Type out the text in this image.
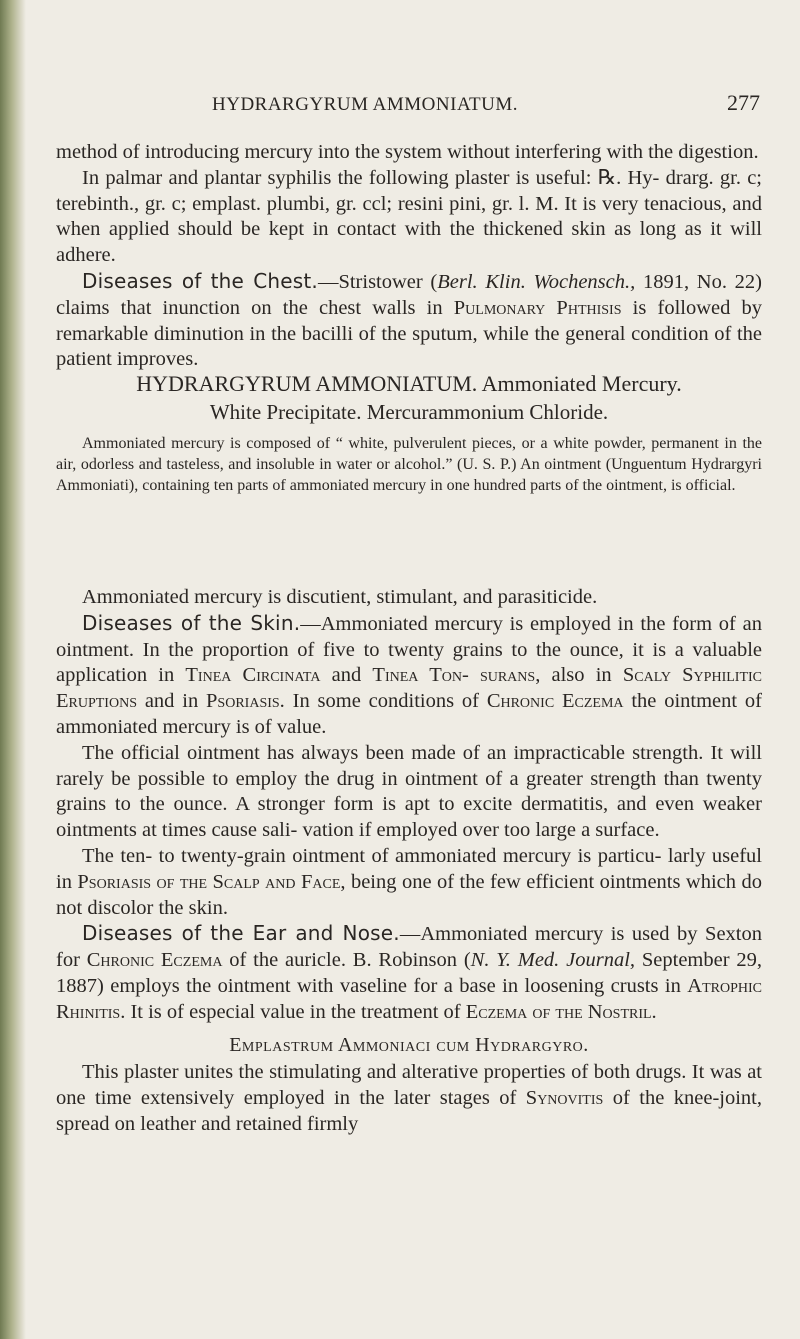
HYDRARGYRUM AMMONIATUM.	277

method of introducing mercury into the system without interfering with the digestion.

In palmar and plantar syphilis the following plaster is useful: ℞. Hy- drarg. gr. c; terebinth., gr. c; emplast. plumbi, gr. ccl; resini pini, gr. l. M. It is very tenacious, and when applied should be kept in contact with the thickened skin as long as it will adhere.

Diseases of the Chest.—Stristower (Berl. Klin. Wochensch., 1891, No. 22) claims that inunction on the chest walls in Pulmonary Phthisis is followed by remarkable diminution in the bacilli of the sputum, while the general condition of the patient improves.

HYDRARGYRUM AMMONIATUM. Ammoniated Mercury.
White Precipitate. Mercurammonium Chloride.

Ammoniated mercury is composed of “ white, pulverulent pieces, or a white powder, permanent in the air, odorless and tasteless, and insoluble in water or alcohol.” (U. S. P.) An ointment (Unguentum Hydrargyri Ammoniati), containing ten parts of ammoniated mercury in one hundred parts of the ointment, is official.

Ammoniated mercury is discutient, stimulant, and parasiticide.

Diseases of the Skin.—Ammoniated mercury is employed in the form of an ointment. In the proportion of five to twenty grains to the ounce, it is a valuable application in Tinea Circinata and Tinea Ton- surans, also in Scaly Syphilitic Eruptions and in Psoriasis. In some conditions of Chronic Eczema the ointment of ammoniated mercury is of value.

The official ointment has always been made of an impracticable strength. It will rarely be possible to employ the drug in ointment of a greater strength than twenty grains to the ounce. A stronger form is apt to excite dermatitis, and even weaker ointments at times cause sali- vation if employed over too large a surface.

The ten- to twenty-grain ointment of ammoniated mercury is particu- larly useful in Psoriasis of the Scalp and Face, being one of the few efficient ointments which do not discolor the skin.

Diseases of the Ear and Nose.—Ammoniated mercury is used by Sexton for Chronic Eczema of the auricle. B. Robinson (N. Y. Med. Journal, September 29, 1887) employs the ointment with vaseline for a base in loosening crusts in Atrophic Rhinitis. It is of especial value in the treatment of Eczema of the Nostril.

Emplastrum Ammoniaci cum Hydrargyro.

This plaster unites the stimulating and alterative properties of both drugs. It was at one time extensively employed in the later stages of Synovitis of the knee-joint, spread on leather and retained firmly
